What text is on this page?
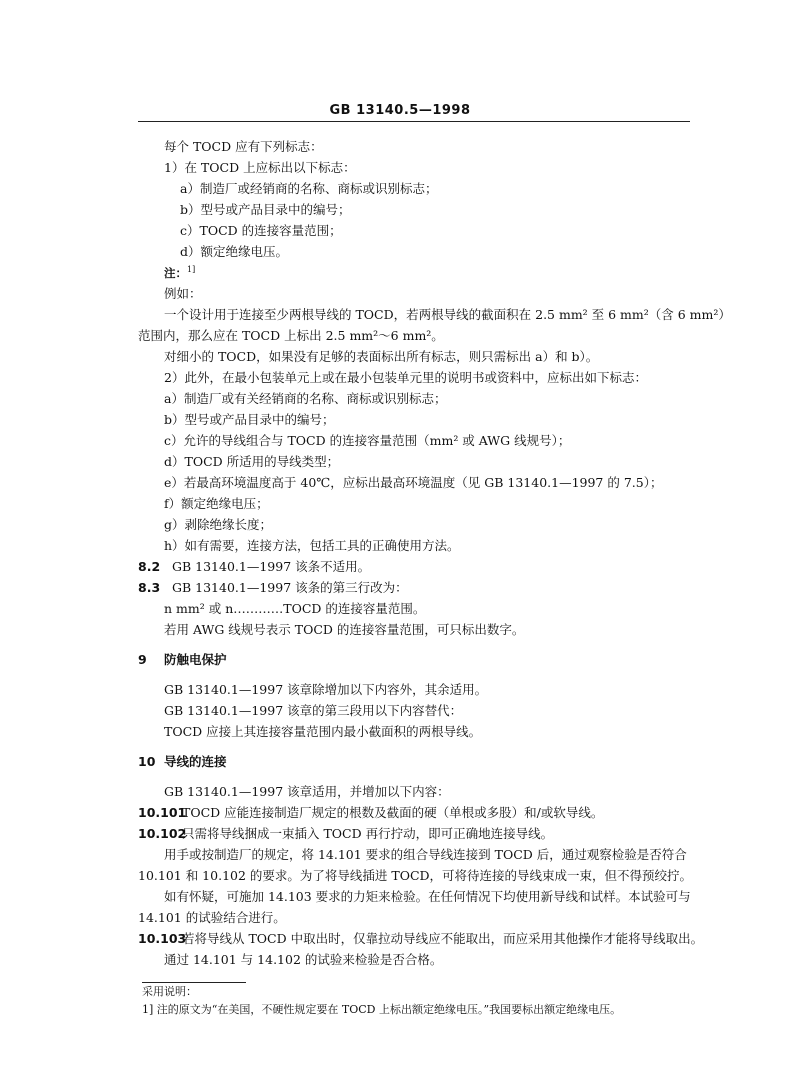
GB 13140.5—1998
每个 TOCD 应有下列标志：
1）在 TOCD 上应标出以下标志：
a）制造厂或经销商的名称、商标或识别标志；
b）型号或产品目录中的编号；
c）TOCD 的连接容量范围；
d）额定绝缘电压。
注：$^{1]}$
例如：
一个设计用于连接至少两根导线的 TOCD，若两根导线的截面积在 2.5 mm² 至 6 mm²（含 6 mm²）
范围内，那么应在 TOCD 上标出 2.5 mm²～6 mm²。
对细小的 TOCD，如果没有足够的表面标出所有标志，则只需标出 a）和 b）。
2）此外，在最小包装单元上或在最小包装单元里的说明书或资料中，应标出如下标志：
a）制造厂或有关经销商的名称、商标或识别标志；
b）型号或产品目录中的编号；
c）允许的导线组合与 TOCD 的连接容量范围（mm² 或 AWG 线规号）；
d）TOCD 所适用的导线类型；
e）若最高环境温度高于 40℃，应标出最高环境温度（见 GB 13140.1—1997 的 7.5）；
f）额定绝缘电压；
g）剥除绝缘长度；
h）如有需要，连接方法，包括工具的正确使用方法。
8.2 GB 13140.1—1997 该条不适用。
8.3 GB 13140.1—1997 该条的第三行改为：
n mm² 或 n…………TOCD 的连接容量范围。
若用 AWG 线规号表示 TOCD 的连接容量范围，可只标出数字。
9 防触电保护
GB 13140.1—1997 该章除增加以下内容外，其余适用。
GB 13140.1—1997 该章的第三段用以下内容替代：
TOCD 应接上其连接容量范围内最小截面积的两根导线。
10 导线的连接
GB 13140.1—1997 该章适用，并增加以下内容：
10.101TOCD 应能连接制造厂规定的根数及截面的硬（单根或多股）和/或软导线。
10.102只需将导线捆成一束插入 TOCD 再行拧动，即可正确地连接导线。
用手或按制造厂的规定，将 14.101 要求的组合导线连接到 TOCD 后，通过观察检验是否符合
10.101 和 10.102 的要求。为了将导线插进 TOCD，可将待连接的导线束成一束，但不得预绞拧。
如有怀疑，可施加 14.103 要求的力矩来检验。在任何情况下均使用新导线和试样。本试验可与
14.101 的试验结合进行。
10.103若将导线从 TOCD 中取出时，仅靠拉动导线应不能取出，而应采用其他操作才能将导线取出。
通过 14.101 与 14.102 的试验来检验是否合格。
采用说明：
1] 注的原文为“在美国，不硬性规定要在 TOCD 上标出额定绝缘电压。”我国要标出额定绝缘电压。
